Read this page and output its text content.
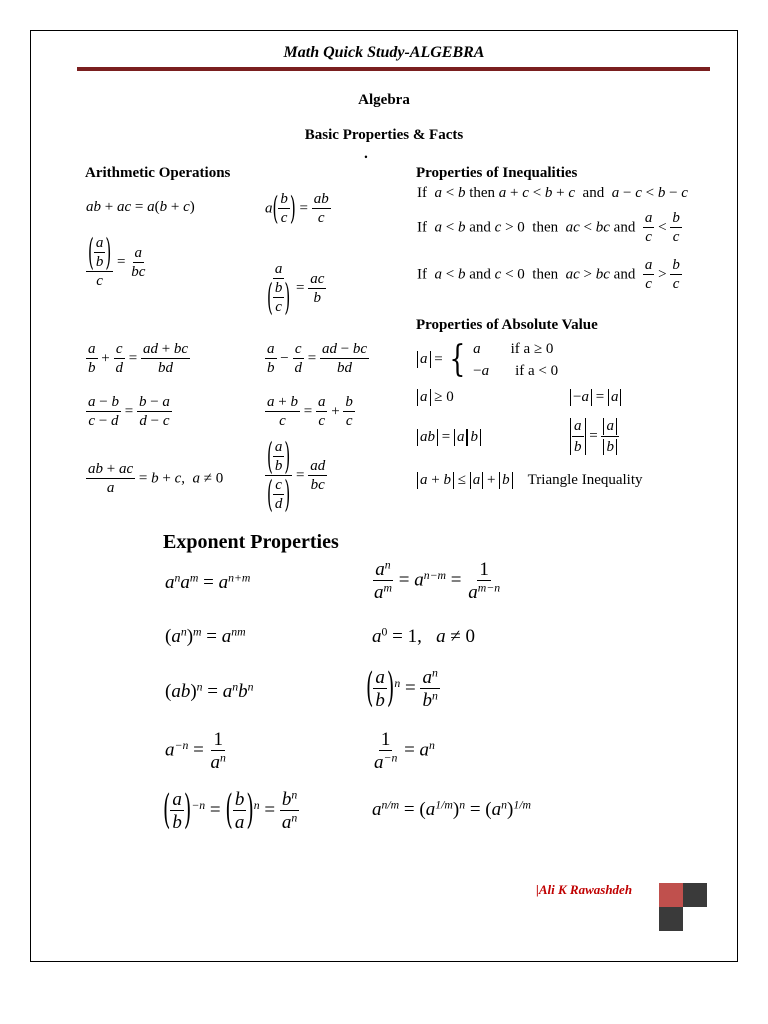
Math Quick Study-ALGEBRA
Algebra
Basic Properties & Facts
•
Arithmetic Operations	Properties of Inequalities
Properties of Absolute Value
Exponent Properties
ab + ac = a(b + c)	$a( \frac{b}{c}$ ) = $\frac{ab}{c}$
$\frac{( \frac{a}{b} )}{c} = \frac{a}{bc}$	$\frac{a}{( \frac{b}{c} )} = \frac{ac}{b}$
$\frac{a}{b} + \frac{c}{d} = \frac{ad + bc}{bd}$	$\frac{a}{b} - \frac{c}{d} = \frac{ad - bc}{bd}$
$\frac{a - b}{c - d} = \frac{b - a}{d - c}$	$\frac{a + b}{c} = \frac{a}{c} + \frac{b}{c}$
$\frac{ab + ac}{a} = b + c$,  a ≠ 0	$\frac{( \frac{a}{b} )}{( \frac{c}{d} )} = \frac{ad}{bc}$
If  a < b then a + c < b + c  and  a − c < b − c
If  a < b and c > 0 then  ac < bc and $\frac{a}{c} < \frac{b}{c}$
If  a < b and c < 0 then  ac > bc and $\frac{a}{c} > \frac{b}{c}$
a = { a if a ≥ 0
−a if a < 0
a ≥ 0	−a = a
ab = a b	$\frac{a}{b} = \frac{a}{b}$
a + b ≤ a + b Triangle Inequality
$a^na^m = a^{n+m}$	$\frac{a^n}{a^m} = a^{n-m} = \frac{1}{a^{m-n}}$
$(a^n)^m = a^{nm}$	$a^0 = 1$,   a ≠ 0
$(ab)^n = a^nb^n$	( $\frac{a}{b} )^n = \frac{a^n}{b^n}$
$a^{-n} = \frac{1}{a^n}$	$\frac{1}{a^{-n}} = a^n$
( $\frac{a}{b} )^{-n}$ = ( $\frac{b}{a} )^n = \frac{b^n}{a^n}$	$a^{n/m} = (a^{1/m})^n = (a^n)^{1/m}$
|Ali K Rawashdeh
